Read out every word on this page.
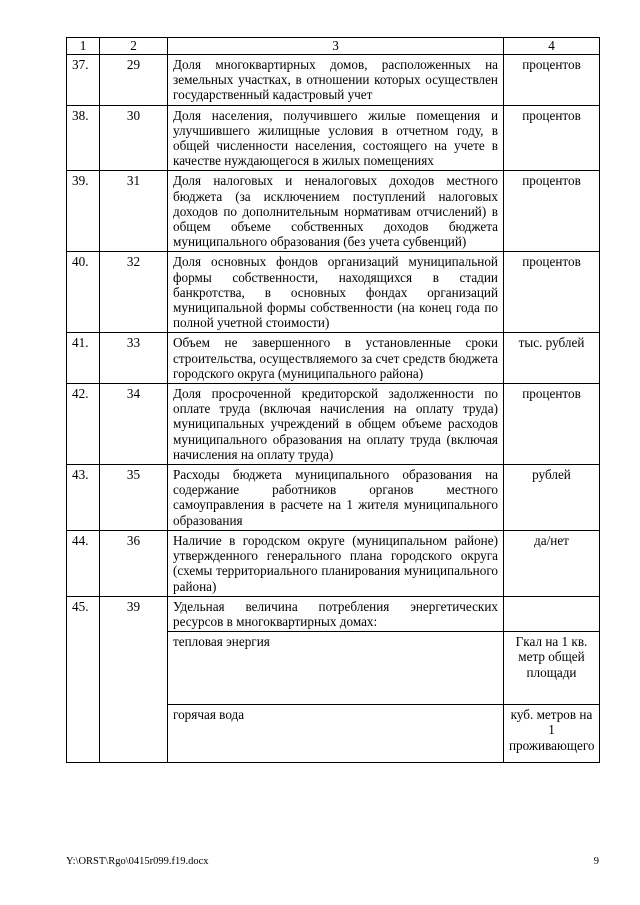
1	2	3	4
37.	29	Доля многоквартирных домов, расположенных на земельных участках, в отношении которых осуществлен государственный кадастровый учет	процентов
38.	30	Доля населения, получившего жилые помещения и улучшившего жилищные условия в отчетном году, в общей численности населения, состоящего на учете в качестве нуждающегося в жилых помещениях	процентов
39.	31	Доля налоговых и неналоговых доходов местного бюджета (за исключением поступлений налоговых доходов по дополнительным нормативам отчислений) в общем объеме собственных доходов бюджета муниципального образования (без учета субвенций)	процентов
40.	32	Доля основных фондов организаций муниципальной формы собственности, находящихся в стадии банкротства, в основных фондах организаций муниципальной формы собственности (на конец года по полной учетной стоимости)	процентов
41.	33	Объем не завершенного в установленные сроки строительства, осуществляемого за счет средств бюджета городского округа (муниципального района)	тыс. рублей
42.	34	Доля просроченной кредиторской задолженности по оплате труда (включая начисления на оплату труда) муниципальных учреждений в общем объеме расходов муниципального образования на оплату труда (включая начисления на оплату труда)	процентов
43.	35	Расходы бюджета муниципального образования на содержание работников органов местного самоуправления в расчете на 1 жителя муниципального образования	рублей
44.	36	Наличие в городском округе (муниципальном районе) утвержденного генерального плана городского округа (схемы территориального планирования муниципального района)	да/нет
45.	39	Удельная величина потребления энергетических ресурсов в многоквартирных домах:	
		тепловая энергия	Гкал на 1 кв. метр общей площади
		горячая вода	куб. метров на 1 проживающего
Y:\ORST\Rgo\0415r099.f19.docx	9
